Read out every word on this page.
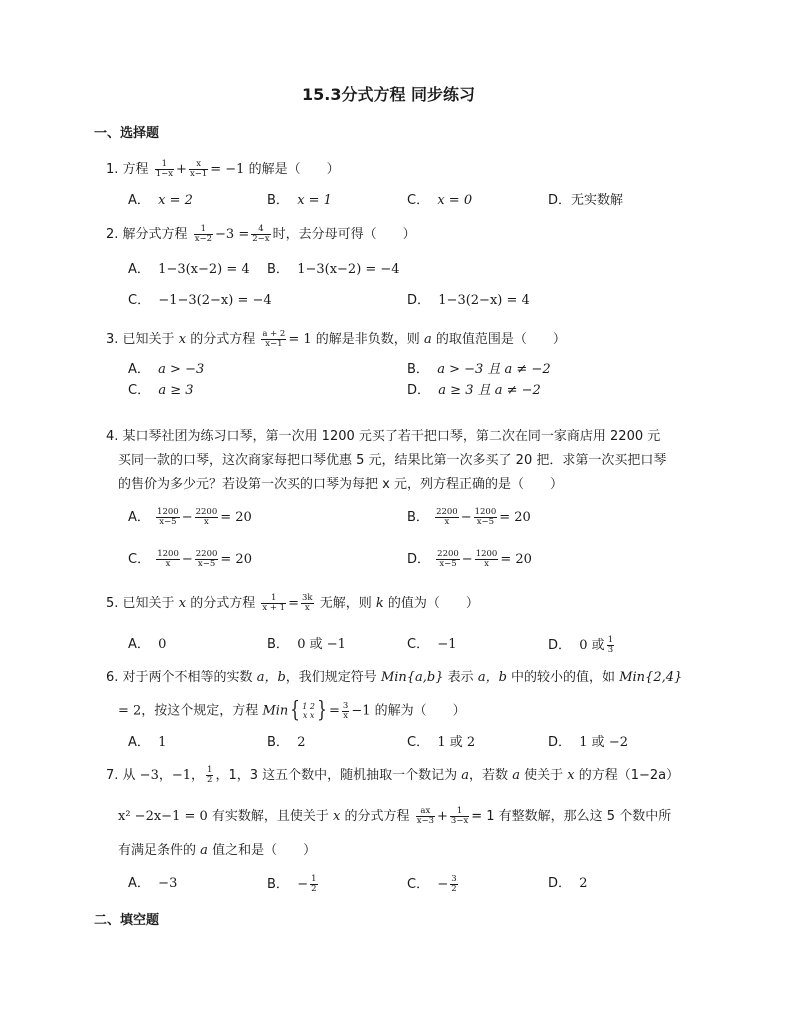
15.3分式方程 同步练习
一、选择题
1. 方程 $\frac{1}{1-x} + \frac{x}{x-1} = -1$ 的解是（　　）
A． x = 2	B． x = 1	C． x = 0	D．无实数解
2. 解分式方程 $\frac{1}{x-2} -3 = \frac{4}{2-x}$ 时，去分母可得（　　）
A． 1−3(x−2) = 4 B． 1−3(x−2) = −4
C． −1−3(2−x) = −4	D． 1−3(2−x) = 4
3. 已知关于 x 的分式方程 $\frac{a + 2}{x-1} = 1$ 的解是非负数，则 a 的取值范围是（　　）
A． a > −3	B． a > −3 且 a ≠ −2
C． a ≥ 3	D． a ≥ 3 且 a ≠ −2
4. 某口琴社团为练习口琴，第一次用 1200 元买了若干把口琴，第二次在同一家商店用 2200 元
买同一款的口琴，这次商家每把口琴优惠 5 元，结果比第一次多买了 20 把．求第一次买把口琴
的售价为多少元？若设第一次买的口琴为每把 x 元，列方程正确的是（　　）
A． $\frac{1200}{x-5} - \frac{2200}{x} = 20$	B． $\frac{2200}{x} - \frac{1200}{x-5} = 20$
C． $\frac{1200}{x} - \frac{2200}{x-5} = 20$	D． $\frac{2200}{x-5} - \frac{1200}{x} = 20$
5. 已知关于 x 的分式方程 $\frac{1}{x + 1} = \frac{3k}{x}$ 无解，则 k 的值为（　　）
A． 0	B． 0 或 −1	C． −1	D． 0 或 $\frac{1}{3}$
6. 对于两个不相等的实数 a，b，我们规定符号 Min{a,b} 表示 a，b 中的较小的值，如 Min{2,4}
= 2，按这个规定，方程 Min{ 1 2
x x } = $\frac{3}{x} -1$ 的解为（　　）
A． 1	B． 2	C． 1 或 2	D． 1 或 −2
7. 从 −3，−1， $\frac{1}{2}$ ，1，3 这五个数中，随机抽取一个数记为 a，若数 a 使关于 x 的方程（1−2a）
x² −2x−1 = 0 有实数解，且使关于 x 的分式方程 $\frac{ax}{x-3} + \frac{1}{3-x} = 1$ 有整数解，那么这 5 个数中所
有满足条件的 a 值之和是（　　）
A． −3	B． − $\frac{1}{2}$	C． − $\frac{3}{2}$	D． 2
二、填空题
